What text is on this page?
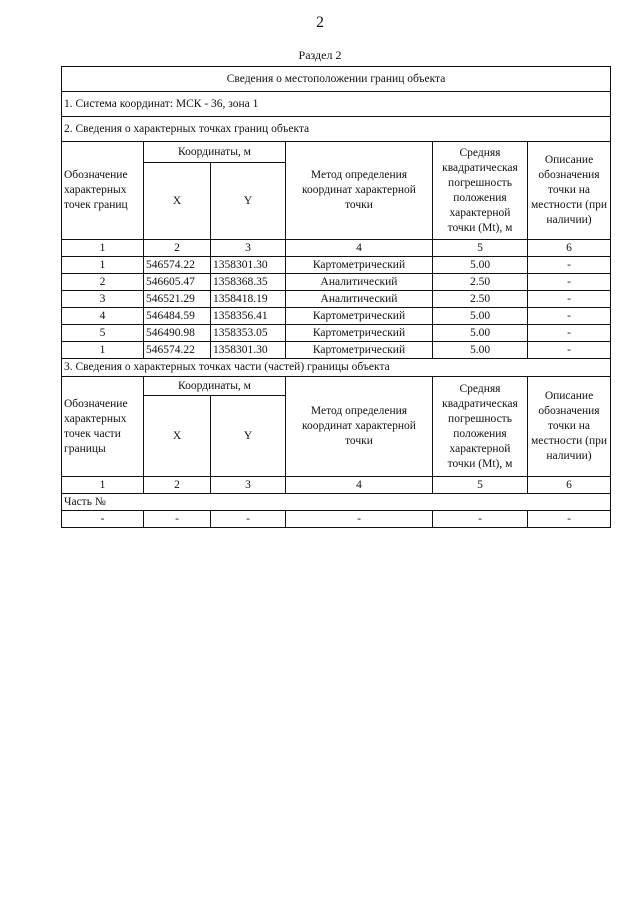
2
Раздел 2
Сведения о местоположении границ объекта					
1. Система координат: МСК - 36, зона 1					
2. Сведения о характерных точках границ объекта					
Обозначение характерных точек границ	Координаты, м		Метод определения координат характерной точки	Средняя квадратическая погрешность положения характерной точки (Mt), м	Описание обозначения точки на местности (при наличии)
	X	Y			
1	2	3	4	5	6
1	546574.22	1358301.30	Картометрический	5.00	-
2	546605.47	1358368.35	Аналитический	2.50	-
3	546521.29	1358418.19	Аналитический	2.50	-
4	546484.59	1358356.41	Картометрический	5.00	-
5	546490.98	1358353.05	Картометрический	5.00	-
1	546574.22	1358301.30	Картометрический	5.00	-
3. Сведения о характерных точках части (частей) границы объекта					
Обозначение характерных точек части границы	Координаты, м		Метод определения координат характерной точки	Средняя квадратическая погрешность положения характерной точки (Mt), м	Описание обозначения точки на местности (при наличии)
	X	Y			
1	2	3	4	5	6
Часть №					
-	-	-	-	-	-
